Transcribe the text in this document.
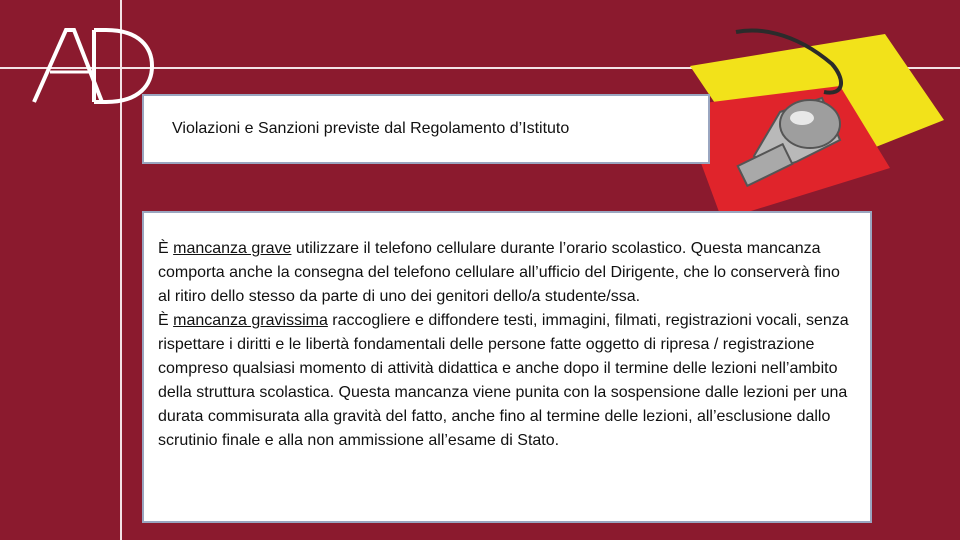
Violazioni e Sanzioni previste dal Regolamento d’Istituto

È mancanza grave utilizzare il telefono cellulare durante l’orario scolastico. Questa mancanza comporta anche la consegna del telefono cellulare all’ufficio del Dirigente, che lo conserverà fino al ritiro dello stesso da parte di uno dei genitori dello/a studente/ssa.

È mancanza gravissima raccogliere e diffondere testi, immagini, filmati, registrazioni vocali, senza rispettare i diritti e le libertà fondamentali delle persone fatte oggetto di ripresa / registrazione compreso qualsiasi momento di attività didattica e anche dopo il termine delle lezioni nell’ambito della struttura scolastica. Questa mancanza viene punita con la sospensione dalle lezioni per una durata commisurata alla gravità del fatto, anche fino al termine delle lezioni, all’esclusione dallo scrutinio finale e alla non ammissione all’esame di Stato.
